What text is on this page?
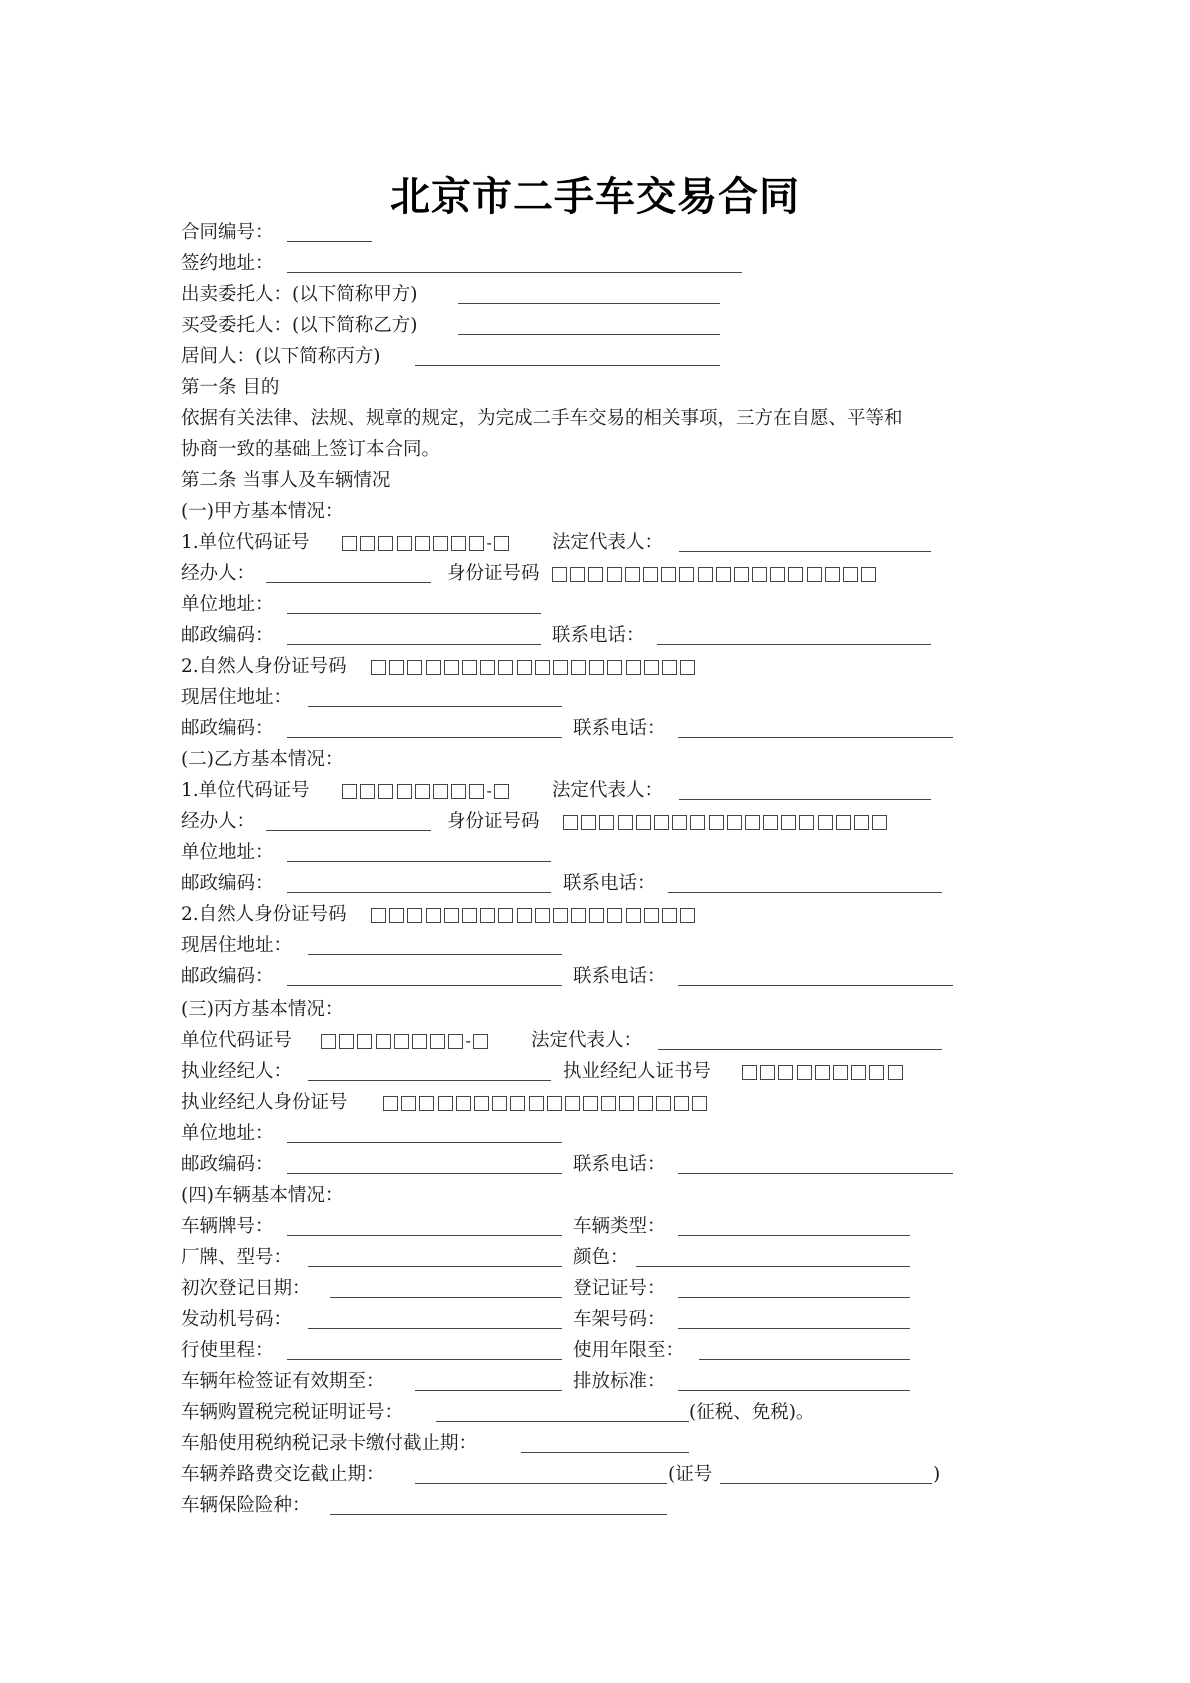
北京市二手车交易合同
合同编号：
签约地址：
出卖委托人：(以下简称甲方)
买受委托人：(以下简称乙方)
居间人：(以下简称丙方)
第一条 目的
依据有关法律、法规、规章的规定，为完成二手车交易的相关事项，三方在自愿、平等和
协商一致的基础上签订本合同。
第二条 当事人及车辆情况
(一)甲方基本情况：
1.单位代码证号	-	法定代表人：
经办人：	身份证号码
单位地址：
邮政编码：	联系电话：
2.自然人身份证号码
现居住地址：
邮政编码：	联系电话：
(二)乙方基本情况：
1.单位代码证号	-	法定代表人：
经办人：	身份证号码
单位地址：
邮政编码：	联系电话：
2.自然人身份证号码
现居住地址：
邮政编码：	联系电话：
(三)丙方基本情况：
单位代码证号	-	法定代表人：
执业经纪人：	执业经纪人证书号
执业经纪人身份证号
单位地址：
邮政编码：	联系电话：
(四)车辆基本情况：
车辆牌号：	车辆类型：
厂牌、型号：	颜色：
初次登记日期：	登记证号：
发动机号码：	车架号码：
行使里程：	使用年限至：
车辆年检签证有效期至：	排放标准：
车辆购置税完税证明证号：	(征税、免税)。
车船使用税纳税记录卡缴付截止期：
车辆养路费交讫截止期：	(证号	)
车辆保险险种：
